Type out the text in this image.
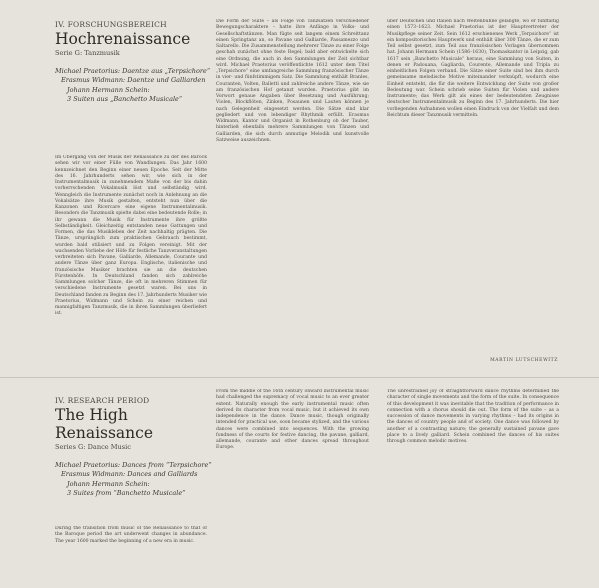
IV. FORSCHUNGSBEREICH
Hochrenaissance
Serie G: Tanzmusik
Michael Praetorius: Daentze aus „Terpsichore“
Erasmus Widmann: Daentze und Galliarden
Johann Hermann Schein:
3 Suiten aus „Banchetto Musicale“

Im Übergang von der Musik der Renaissance zu der des Barock sehen wir vor einer Fülle von Wandlungen. Das Jahr 1600 kennzeichnet den Beginn einer neuen Epoche. Seit der Mitte des 16. Jahrhunderts sehen wir, wie sich in der Instrumentalmusik in zunehmendem Maße von der bis dahin vorherrschenden Vokalmusik löst und selbständig wird. Wenngleich die Instrumente zunächst noch in Anlehnung an die Vokalsätze ihre Musik gestalten, entsteht nun über die Kanzonen und Ricercare eine eigene Instrumentalmusik. Besonders die Tanzmusik spielte dabei eine bedeutende Rolle; in ihr gewann die Musik für Instrumente ihre größte Selbständigkeit. Gleichzeitig entstanden neue Gattungen und Formen, die das Musikleben der Zeit nachhaltig prägten. Die Tänze, ursprünglich zum praktischen Gebrauch bestimmt, wurden bald stilisiert und zu Folgen vereinigt. Mit der wachsenden Vorliebe der Höfe für festliche Tanzveranstaltungen verbreiteten sich Pavane, Galliarde, Allemande, Courante und andere Tänze über ganz Europa. Englische, italienische und französische Musiker brachten sie an die deutschen Fürstenhöfe. In Deutschland fanden sich zahlreiche Sammlungen solcher Tänze, die oft in mehreren Stimmen für verschiedene Instrumente gesetzt waren. Bei uns in Deutschland fanden zu Beginn des 17. Jahrhunderts Musiker wie Praetorius, Widmann und Schein zu einer reichen und mannigfaltigen Tanzmusik, die in ihren Sammlungen überliefert ist.

Die Form der Suite – als Folge von Tanzsätzen verschiedener Bewegungscharaktere – hatte ihre Anfänge in Volks- und Gesellschaftstänzen. Man fügte seit langem einem Schreittanz einen Springtanz an, so Pavane und Galliarde, Passamezzo und Saltarello. Die Zusammenstellung mehrerer Tänze zu einer Folge geschah zunächst ohne feste Regel; bald aber entwickelte sich eine Ordnung, die auch in den Sammlungen der Zeit sichtbar wird. Michael Praetorius veröffentlichte 1612 unter dem Titel „Terpsichore“ eine umfangreiche Sammlung französischer Tänze in vier- und fünfstimmigem Satz. Die Sammlung enthält Branles, Couranten, Volten, Balletti und zahlreiche andere Tänze, wie sie am französischen Hof getanzt wurden. Praetorius gibt im Vorwort genaue Angaben über Besetzung und Ausführung; Violen, Blockflöten, Zinken, Posaunen und Lauten können je nach Gelegenheit eingesetzt werden. Die Sätze sind klar gegliedert und von lebendiger Rhythmik erfüllt. Erasmus Widmann, Kantor und Organist in Rothenburg ob der Tauber, hinterließ ebenfalls mehrere Sammlungen von Tänzen und Galliarden, die sich durch anmutige Melodik und kunstvolle Satzweise auszeichnen.

über Deutschen und Italien nach Weltenbühne gelangte, wo er fünffaltig einen 1573–1623. Michael Praetorius ist der Hauptvertreter der Musikpflege seiner Zeit. Sein 1612 erschienenes Werk „Terpsichore“ ist ein kompositorisches Hauptwerk und enthält über 300 Tänze, die er zum Teil selbst gesetzt, zum Teil aus französischen Vorlagen übernommen hat. Johann Hermann Schein (1586–1630), Thomaskantor in Leipzig, gab 1617 sein „Banchetto Musicale“ heraus, eine Sammlung von Suiten, in denen er Padouana, Gagliarda, Courente, Allemande und Tripla zu einheitlichen Folgen verband. Die Sätze einer Suite sind bei ihm durch gemeinsame melodische Motive miteinander verknüpft, wodurch eine Einheit entsteht, die für die weitere Entwicklung der Suite von großer Bedeutung war. Schein schrieb seine Suiten für Violen und andere Instrumente; das Werk gilt als eines der bedeutendsten Zeugnisse deutscher Instrumentalmusik zu Beginn des 17. Jahrhunderts. Die hier vorliegenden Aufnahmen wollen einen Eindruck von der Vielfalt und dem Reichtum dieser Tanzmusik vermitteln.

MARTIN LUTSCHEWITZ
IV. RESEARCH PERIOD
The High Renaissance
Series G: Dance Music
Michael Praetorius: Dances from “Terpsichore”
Erasmus Widmann: Dances and Galliards
Johann Hermann Schein:
3 Suites from “Banchetto Musicale”

During the transition from music of the Renaissance to that of the Baroque period the art underwent changes in abundance. The year 1600 marked the beginning of a new era in music.

From the middle of the 16th century onward instrumental music had challenged the supremacy of vocal music to an ever greater extent. Naturally enough the early instrumental music often derived its character from vocal music, but it achieved its own independence in the dance. Dance music, though originally intended for practical use, soon became stylized, and the various dances were combined into sequences. With the growing fondness of the courts for festive dancing, the pavane, galliard, allemande, courante and other dances spread throughout Europe.

The unrestrained joy of straightforward dance rhythms determined the character of single movements and the form of the suite. In consequence of this development it was inevitable that the tradition of performance in connection with a chorus should die out. The form of the suite – as a succession of dance movements in varying rhythms – had its origins in the dances of country people and of society. One dance was followed by another of a contrasting nature; the generally sustained pavane gave place to a lively galliard. Schein combined the dances of his suites through common melodic motives.
